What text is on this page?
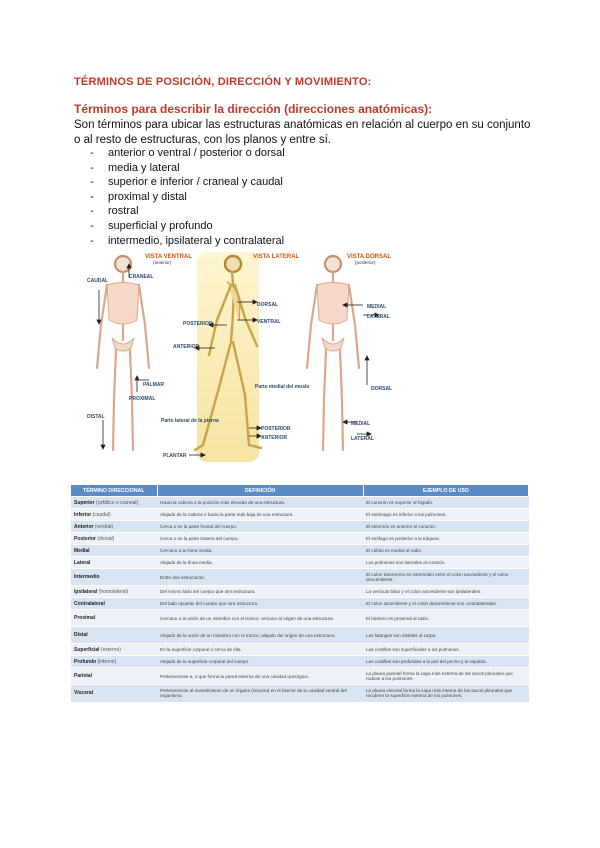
TÉRMINOS DE POSICIÓN, DIRECCIÓN Y MOVIMIENTO:
Términos para describir la dirección (direcciones anatómicas):
Son términos para ubicar las estructuras anatómicas en relación al cuerpo en su conjunto o al resto de estructuras, con los planos y entre sí.
- anterior o ventral / posterior o dorsal
- media y lateral
- superior e inferior / craneal y caudal
- proximal y distal
- rostral
- superficial y profundo
- intermedio, ipsilateral y contralateral
VISTA VENTRAL
(anterior)
VISTA LATERAL	VISTA DORSAL
(posterior)
CAUDAL
CRANEAL
PALMAR
PROXIMAL
DISTAL
DORSAL
VENTRAL
POSTERIOR
ANTERIOR
Parte medial del muslo
Parte lateral de la pierna
PLANTAR
POSTERIOR
ANTERIOR
MEDIAL
LATERAL
DORSAL
MEDIAL
LATERAL
TÉRMINO DIRECCIONAL	DEFINICIÓN	EJEMPLO DE USO
Superior (cefálico o craneal)	Hacia la cabeza o la posición más elevada de una estructura.	El corazón es superior al hígado.
Inferior (caudal)	Alejado de la cabeza o hacia la parte más baja de una estructura.	El estómago es inferior a los pulmones.
Anterior (ventral)	Cerca o en la parte frontal del cuerpo.	El esternón es anterior al corazón.
Posterior (dorsal)	Cerca o en la parte trasera del cuerpo.	El esófago es posterior a la tráquea.
Medial	Cercano a la línea media.	El cúbito es medial al radio.
Lateral	Alejado de la línea media.	Los pulmones son laterales al corazón.
Intermedio	Entre dos estructuras.	El colon transverso es intermedio entre el colon ascendente y el colon descendente.
Ipsilateral (homolateral)	Del mismo lado del cuerpo que otra estructura.	La vesícula biliar y el colon ascendente son ipsilaterales.
Contralateral	Del lado opuesto del cuerpo que otra estructura.	El colon ascendente y el colon descendente son contralaterales.
Proximal	Cercano a la unión de un miembro con el tronco; cercano al origen de una estructura.	El húmero es proximal al radio.
Distal	Alejado de la unión de un miembro con el tronco; alejado del origen de una estructura.	Las falanges son distales al carpo.
Superficial (externo)	En la superficie corporal o cerca de ella.	Las costillas son superficiales a los pulmones.
Profundo (interno)	Alejado de la superficie corporal del cuerpo.	Las costillas son profundas a la piel del pecho y la espalda.
Parietal	Perteneciente a, o que forma la pared externa de una cavidad quirúrgica.	La pleura parietal forma la capa más externa de los sacos pleurales que rodean a los pulmones.
Visceral	Perteneciente al revestimiento de un órgano (víscera) en el interior de la cavidad ventral del organismo.	La pleura visceral forma la capa más interna de los sacos pleurales que recubren la superficie externa de los pulmones.
